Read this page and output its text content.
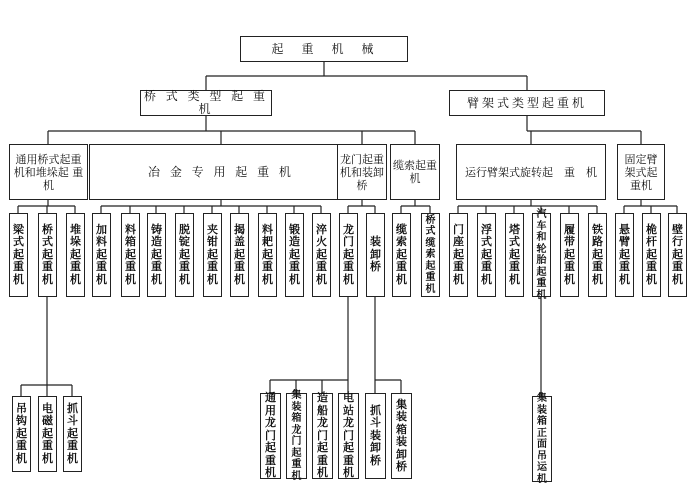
起　重　机　械
桥 式 类 型 起 重 机	臂架式类型起重机
通用桥式起重机和堆垛起 重 机
冶 金 专 用 起 重 机
龙门起重机和装卸桥
缆索起重机	运行臂架式旋转起　重　机
固定臂架式起重机
梁式起重机
桥式起重机
堆垛起重机
加料起重机
料箱起重机
铸造起重机
脱锭起重机
夹钳起重机
揭盖起重机
料耙起重机
锻造起重机
淬火起重机
龙门起重机
装卸桥
缆索起重机
桥式缆索起重机
门座起重机
浮式起重机
塔式起重机
汽车和轮胎起重机
履带起重机
铁路起重机
悬臂起重机
桅杆起重机
壁行起重机
吊钩起重机
电磁起重机
抓斗起重机
通用龙门起重机
集装箱龙门起重机
造船龙门起重机
电站龙门起重机
抓斗装卸桥
集装箱装卸桥
集装箱正面吊运机
